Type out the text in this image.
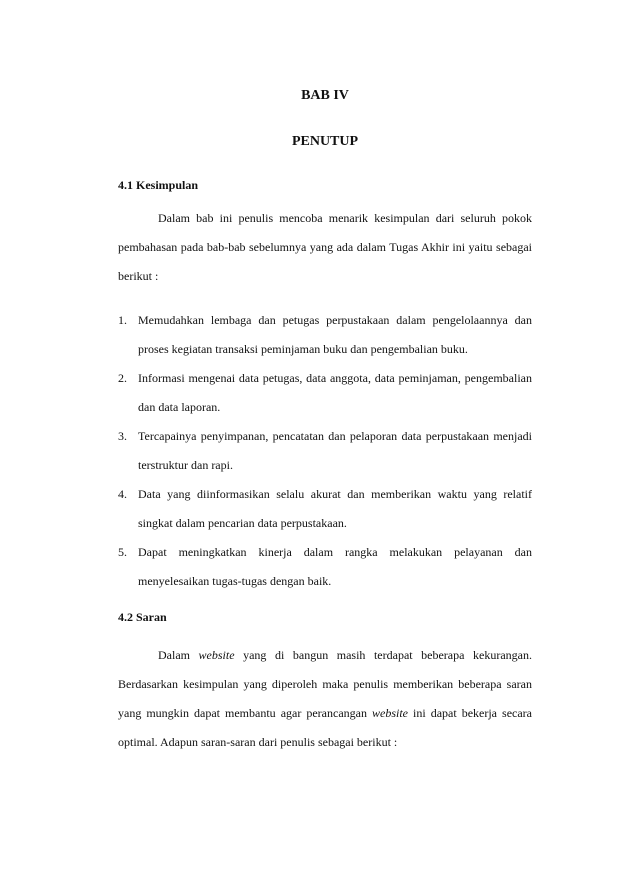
BAB IV
PENUTUP
4.1 Kesimpulan

Dalam bab ini penulis mencoba menarik kesimpulan dari seluruh pokok pembahasan pada bab-bab sebelumnya yang ada dalam Tugas Akhir ini yaitu sebagai berikut :

1. Memudahkan lembaga dan petugas perpustakaan dalam pengelolaannya dan proses kegiatan transaksi peminjaman buku dan pengembalian buku.
2. Informasi mengenai data petugas, data anggota, data peminjaman, pengembalian dan data laporan.
3. Tercapainya penyimpanan, pencatatan dan pelaporan data perpustakaan menjadi terstruktur dan rapi.
4. Data yang diinformasikan selalu akurat dan memberikan waktu yang relatif singkat dalam pencarian data perpustakaan.
5. Dapat meningkatkan kinerja dalam rangka melakukan pelayanan dan menyelesaikan tugas-tugas dengan baik.
4.2 Saran

Dalam website yang di bangun masih terdapat beberapa kekurangan. Berdasarkan kesimpulan yang diperoleh maka penulis memberikan beberapa saran yang mungkin dapat membantu agar perancangan website ini dapat bekerja secara optimal. Adapun saran-saran dari penulis sebagai berikut :
